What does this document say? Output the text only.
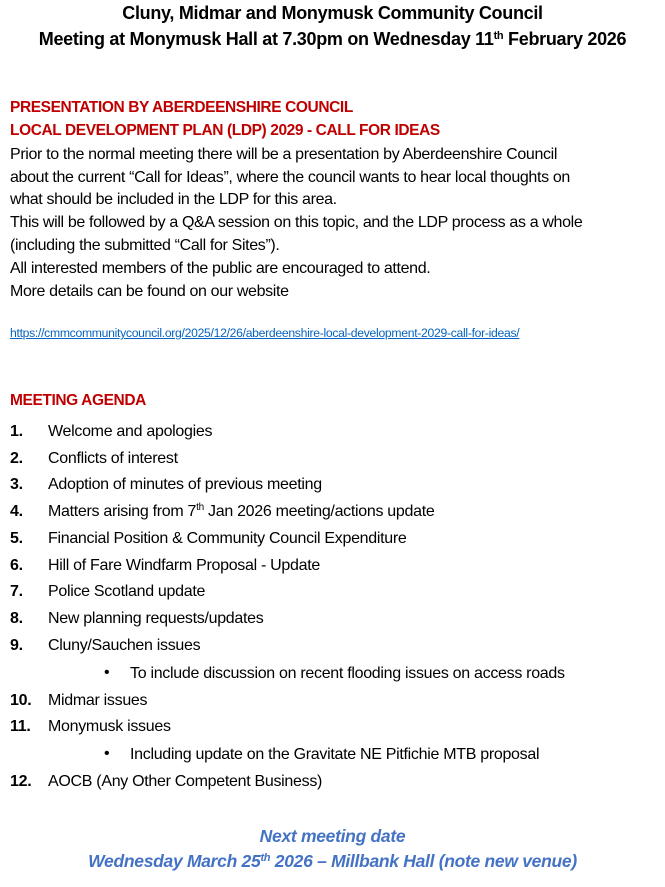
Cluny, Midmar and Monymusk Community Council
Meeting at Monymusk Hall at 7.30pm on Wednesday 11th February 2026
PRESENTATION BY ABERDEENSHIRE COUNCIL
LOCAL DEVELOPMENT PLAN (LDP) 2029 - CALL FOR IDEAS
Prior to the normal meeting there will be a presentation by Aberdeenshire Council
about the current “Call for Ideas”, where the council wants to hear local thoughts on
what should be included in the LDP for this area.
This will be followed by a Q&A session on this topic, and the LDP process as a whole
(including the submitted “Call for Sites”).
All interested members of the public are encouraged to attend.
More details can be found on our website
https://cmmcommunitycouncil.org/2025/12/26/aberdeenshire-local-development-2029-call-for-ideas/
MEETING AGENDA
1. Welcome and apologies
2. Conflicts of interest
3. Adoption of minutes of previous meeting
4. Matters arising from 7th Jan 2026 meeting/actions update
5. Financial Position & Community Council Expenditure
6. Hill of Fare Windfarm Proposal - Update
7. Police Scotland update
8. New planning requests/updates
9. Cluny/Sauchen issues
• To include discussion on recent flooding issues on access roads
10. Midmar issues
11. Monymusk issues
• Including update on the Gravitate NE Pitfichie MTB proposal
12. AOCB (Any Other Competent Business)
Next meeting date
Wednesday March 25th 2026 – Millbank Hall (note new venue)
